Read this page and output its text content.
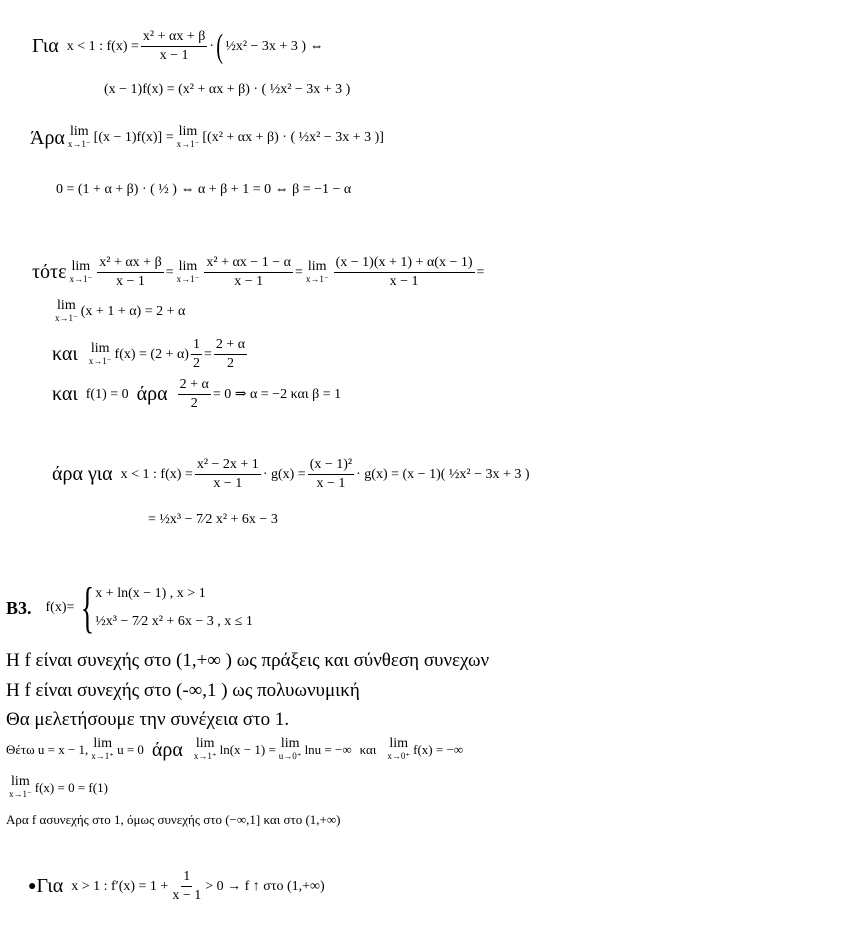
Για x < 1 : $f(x) = \frac{\text{x² + αx + β}}{x - 1}$ · ( ½x² − 3x + 3 ) ⇔
(x − 1)f(x) = (x² + αx + β) · ( ½x² − 3x + 3 )
Άρα lim
x→1⁻ [(x − 1)f(x)] = lim
x→1⁻ [(x² + αx + β) · ( ½x² − 3x + 3 )]
0 = (1 + α + β) · ( ½ ) ⇔ α + β + 1 = 0 ⇔ β = −1 − α
τότε lim
$x\to 1^- \frac{\text{x² + αx + β}}{x - 1} = \lim$
$x\to 1^- \frac{\text{x² + αx − 1 − α}}{x - 1} = \lim$
$x\to 1^- \frac{(x - 1)(x + 1) + \alpha(x - 1)}{x - 1}$ =
lim
x→1⁻ (x + 1 + α) = 2 + α
και lim
x→1⁻ $f(x) = (2 + \alpha) \frac{1}{2} = \frac{2 + \alpha}{2}$
και f(1) = 0 άρα $\frac{2 + \alpha}{2} = 0$ ⇒ α = −2 και β = 1
άρα για x < 1 : $f(x) = \frac{\text{x² − 2x + 1}}{x - 1} \cdot g(x) = \frac{\text{(x − 1)²}}{x - 1} \cdot g(x) = (x - 1)$( ½x² − 3x + 3 )
= ½x³ − 7⁄2 x² + 6x − 3
B3. f(x)= { x + ln(x − 1) , x > 1
½x³ − 7⁄2 x² + 6x − 3 , x ≤ 1
Η f είναι συνεχής στο (1,+∞ ) ως πράξεις και σύνθεση συνεχων
Η f είναι συνεχής στο (-∞,1 ) ως πολυωνυμική
Θα μελετήσουμε την συνέχεια στο 1.
Θέτω u = x − 1, lim
x→1⁺ u = 0 άρα lim
x→1⁺ ln(x − 1) = lim
u→0⁺ lnu = −∞ και lim
x→0⁺ f(x) = −∞
lim
x→1⁻ f(x) = 0 = f(1)
Αρα f ασυνεχής στο 1, όμως συνεχής στο (−∞,1] και στο (1,+∞)
● Για x > 1 : $f'(x) = 1 + \frac{1}{x - 1} > 0 \to f$ ↑ στο (1,+∞)
